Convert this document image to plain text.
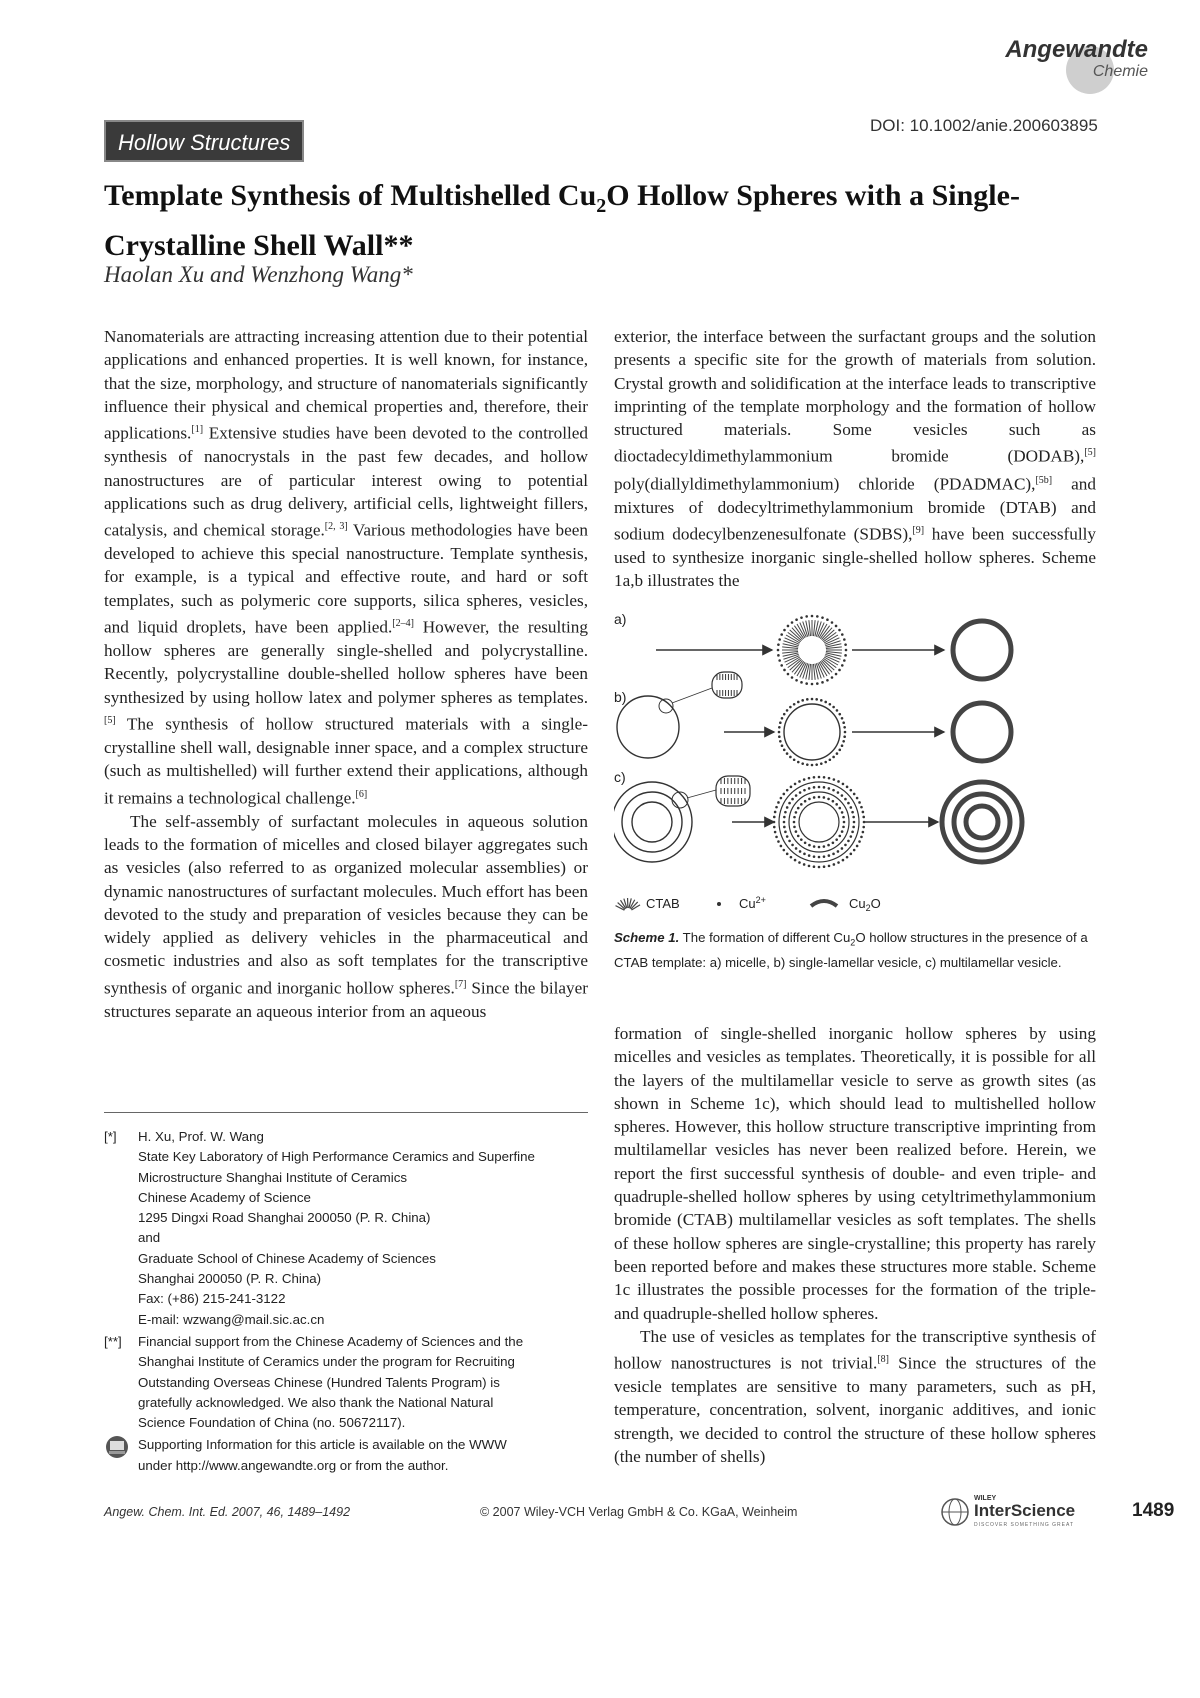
Angewandte
Chemie
DOI: 10.1002/anie.200603895
Hollow Structures
Template Synthesis of Multishelled $Cu_2O$ Hollow Spheres with a Single-Crystalline Shell Wall**
Haolan Xu and Wenzhong Wang*

Nanomaterials are attracting increasing attention due to their potential applications and enhanced properties. It is well known, for instance, that the size, morphology, and structure of nanomaterials significantly influence their physical and chemical properties and, therefore, their applications.[1] Extensive studies have been devoted to the controlled synthesis of nanocrystals in the past few decades, and hollow nanostructures are of particular interest owing to potential applications such as drug delivery, artificial cells, lightweight fillers, catalysis, and chemical storage.[2, 3] Various methodologies have been developed to achieve this special nanostructure. Template synthesis, for example, is a typical and effective route, and hard or soft templates, such as polymeric core supports, silica spheres, vesicles, and liquid droplets, have been applied.[2–4] However, the resulting hollow spheres are generally single-shelled and polycrystalline. Recently, polycrystalline double-shelled hollow spheres have been synthesized by using hollow latex and polymer spheres as templates.[5] The synthesis of hollow structured materials with a single-crystalline shell wall, designable inner space, and a complex structure (such as multishelled) will further extend their applications, although it remains a technological challenge.[6]

The self-assembly of surfactant molecules in aqueous solution leads to the formation of micelles and closed bilayer aggregates such as vesicles (also referred to as organized molecular assemblies) or dynamic nanostructures of surfactant molecules. Much effort has been devoted to the study and preparation of vesicles because they can be widely applied as delivery vehicles in the pharmaceutical and cosmetic industries and also as soft templates for the transcriptive synthesis of organic and inorganic hollow spheres.[7] Since the bilayer structures separate an aqueous interior from an aqueous

exterior, the interface between the surfactant groups and the solution presents a specific site for the growth of materials from solution. Crystal growth and solidification at the interface leads to transcriptive imprinting of the template morphology and the formation of hollow structured materials. Some vesicles such as dioctadecyldimethylammonium bromide (DODAB),[5] poly(diallyldimethylammonium) chloride (PDADMAC),[5b] and mixtures of dodecyltrimethylammonium bromide (DTAB) and sodium dodecylbenzenesulfonate (SDBS),[9] have been successfully used to synthesize inorganic single-shelled hollow spheres. Scheme 1a,b illustrates the

a)
b)
c)
CTAB	$Cu^{2+}$	$Cu_2O$
Scheme 1. The formation of different $Cu_2O$ hollow structures in the presence of a CTAB template: a) micelle, b) single-lamellar vesicle, c) multilamellar vesicle.

formation of single-shelled inorganic hollow spheres by using micelles and vesicles as templates. Theoretically, it is possible for all the layers of the multilamellar vesicle to serve as growth sites (as shown in Scheme 1c), which should lead to multishelled hollow spheres. However, this hollow structure transcriptive imprinting from multilamellar vesicles has never been realized before. Herein, we report the first successful synthesis of double- and even triple- and quadruple-shelled hollow spheres by using cetyltrimethylammonium bromide (CTAB) multilamellar vesicles as soft templates. The shells of these hollow spheres are single-crystalline; this property has rarely been reported before and makes these structures more stable. Scheme 1c illustrates the possible processes for the formation of the triple- and quadruple-shelled hollow spheres.

The use of vesicles as templates for the transcriptive synthesis of hollow nanostructures is not trivial.[8] Since the structures of the vesicle templates are sensitive to many parameters, such as pH, temperature, concentration, solvent, inorganic additives, and ionic strength, we decided to control the structure of these hollow spheres (the number of shells)

[*]	H. Xu, Prof. W. Wang
State Key Laboratory of High Performance Ceramics and Superfine
Microstructure Shanghai Institute of Ceramics
Chinese Academy of Science
1295 Dingxi Road Shanghai 200050 (P. R. China)
and
Graduate School of Chinese Academy of Sciences
Shanghai 200050 (P. R. China)
Fax: (+86) 215-241-3122
E-mail: wzwang@mail.sic.ac.cn
[**]	Financial support from the Chinese Academy of Sciences and the
Shanghai Institute of Ceramics under the program for Recruiting
Outstanding Overseas Chinese (Hundred Talents Program) is
gratefully acknowledged. We also thank the National Natural
Science Foundation of China (no. 50672117).
Supporting Information for this article is available on the WWW
under http://www.angewandte.org or from the author.
Angew. Chem. Int. Ed. 2007, 46, 1489–1492	© 2007 Wiley-VCH Verlag GmbH & Co. KGaA, Weinheim
WILEY
InterScience
DISCOVER SOMETHING GREAT
1489
